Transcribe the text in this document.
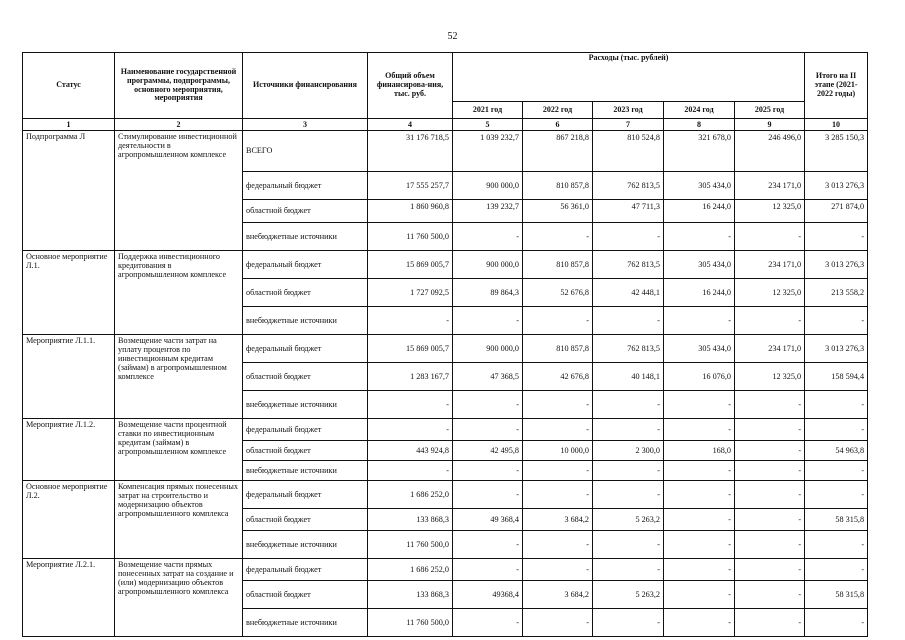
52
Статус	Наименование государственной программы, подпрограммы, основного мероприятия, мероприятия	Источники финансирования	Общий объем финансирова-ния, тыс. руб.	Расходы (тыс. рублей)					Итого на II этапе (2021-2022 годы)
				2021 год	2022 год	2023 год	2024 год	2025 год	
1	2	3	4	5	6	7	8	9	10
Подпрограмма Л	Стимулирование инвестиционной деятельности в агропромышленном комплексе	ВСЕГО	31 176 718,5	1 039 232,7	867 218,8	810 524,8	321 678,0	246 496,0	3 285 150,3
		федеральный бюджет	17 555 257,7	900 000,0	810 857,8	762 813,5	305 434,0	234 171,0	3 013 276,3
		областной бюджет	1 860 960,8	139 232,7	56 361,0	47 711,3	16 244,0	12 325,0	271 874,0
		внебюджетные источники	11 760 500,0	-	-	-	-	-	-
Основное мероприятие Л.1.	Поддержка инвестиционного кредитования в агропромышленном комплексе	федеральный бюджет	15 869 005,7	900 000,0	810 857,8	762 813,5	305 434,0	234 171,0	3 013 276,3
		областной бюджет	1 727 092,5	89 864,3	52 676,8	42 448,1	16 244,0	12 325,0	213 558,2
		внебюджетные источники	-	-	-	-	-	-	-
Мероприятие Л.1.1.	Возмещение части затрат на уплату процентов по инвестиционным кредитам (займам) в агропромышленном комплексе	федеральный бюджет	15 869 005,7	900 000,0	810 857,8	762 813,5	305 434,0	234 171,0	3 013 276,3
		областной бюджет	1 283 167,7	47 368,5	42 676,8	40 148,1	16 076,0	12 325,0	158 594,4
		внебюджетные источники	-	-	-	-	-	-	-
Мероприятие Л.1.2.	Возмещение части процентной ставки по инвестиционным кредитам (займам) в агропромышленном комплексе	федеральный бюджет	-	-	-	-	-	-	-
		областной бюджет	443 924,8	42 495,8	10 000,0	2 300,0	168,0	-	54 963,8
		внебюджетные источники	-	-	-	-	-	-	-
Основное мероприятие Л.2.	Компенсация прямых понесенных затрат на строительство и модернизацию объектов агропромышленного комплекса	федеральный бюджет	1 686 252,0	-	-	-	-	-	-
		областной бюджет	133 868,3	49 368,4	3 684,2	5 263,2	-	-	58 315,8
		внебюджетные источники	11 760 500,0	-	-	-	-	-	-
Мероприятие Л.2.1.	Возмещение части прямых понесенных затрат на создание и (или) модернизацию объектов агропромышленного комплекса	федеральный бюджет	1 686 252,0	-	-	-	-	-	-
		областной бюджет	133 868,3	49368,4	3 684,2	5 263,2	-	-	58 315,8
		внебюджетные источники	11 760 500,0	-	-	-	-	-	-
